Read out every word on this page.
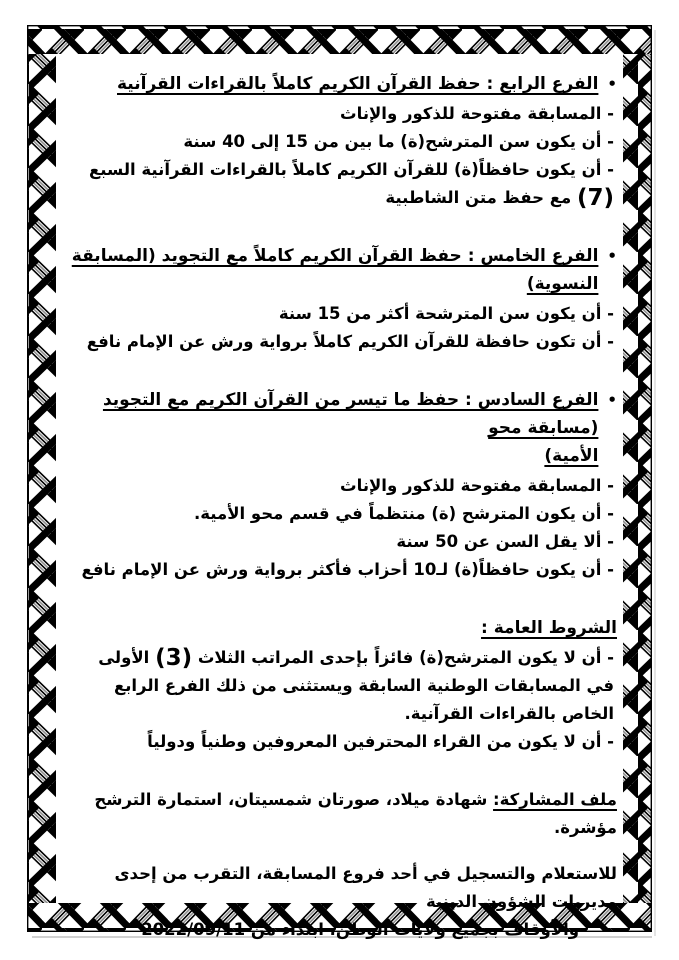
•
الفرع الرابع : حفظ القرآن الكريم كاملاً بالقراءات القرآنية
- المسابقة مفتوحة للذكور والإناث
- أن يكون سن المترشح(ة) ما بين من 15 إلى 40 سنة
- أن يكون حافظاً(ة) للقرآن الكريم كاملاً بالقراءات القرآنية السبع (7) مع حفظ متن الشاطبية
•
الفرع الخامس : حفظ القرآن الكريم كاملاً مع التجويد (المسابقة النسوية)
- أن يكون سن المترشحة أكثر من 15 سنة
- أن تكون حافظة للقرآن الكريم كاملاً برواية ورش عن الإمام نافع
•
الفرع السادس : حفظ ما تيسر من القرآن الكريم مع التجويد (مسابقة محو
الأمية)
- المسابقة مفتوحة للذكور والإناث
- أن يكون المترشح (ة) منتظماً في قسم محو الأمية.
- ألا يقل السن عن 50 سنة
- أن يكون حافظاً(ة) لـ10 أحزاب فأكثر برواية ورش عن الإمام نافع
الشروط العامة :
- أن لا يكون المترشح(ة) فائزاً بإحدى المراتب الثلاث (3) الأولى في المسابقات الوطنية السابقة ويستثنى من ذلك الفرع الرابع الخاص بالقراءات القرآنية.
- أن لا يكون من القراء المحترفين المعروفين وطنياً ودولياً
ملف المشاركة: شهادة ميلاد، صورتان شمسيتان، استمارة الترشح مؤشرة.
للاستعلام والتسجيل في أحد فروع المسابقة، التقرب من إحدى مديريات الشؤون الدينية
والأوقاف بجميع ولايات الوطن، ابتداء من 2022/09/11
